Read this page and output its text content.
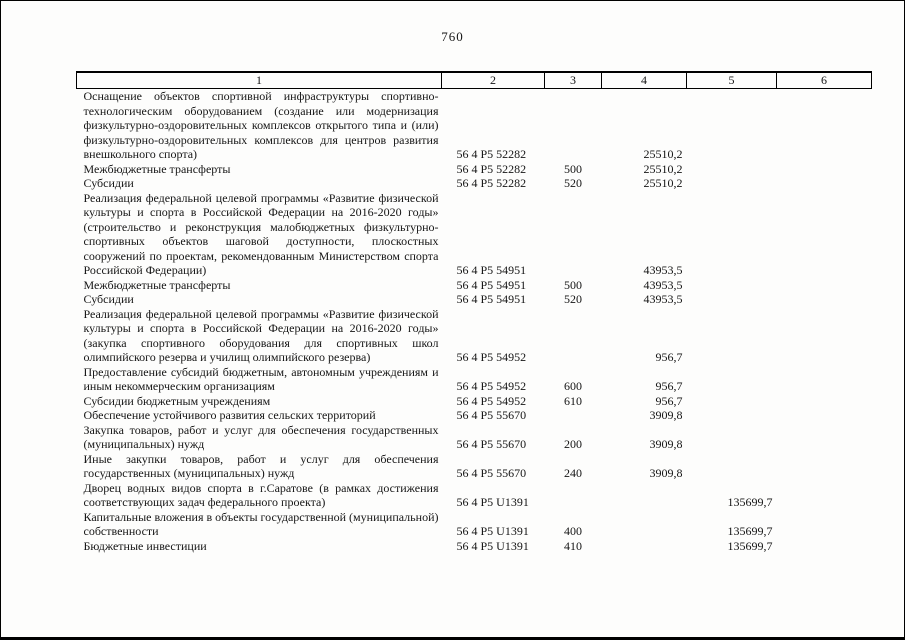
760
1	2	3	4	5	6
Оснащение объектов спортивной инфраструктуры спортивно-технологическим оборудованием (создание или модернизация физкультурно-оздоровительных комплексов открытого типа и (или) физкультурно-оздоровительных комплексов для центров развития внешкольного спорта)	56 4 Р5 52282		25510,2		
Межбюджетные трансферты	56 4 Р5 52282	500	25510,2		
Субсидии	56 4 Р5 52282	520	25510,2		
Реализация федеральной целевой программы «Развитие физической культуры и спорта в Российской Федерации на 2016-2020 годы» (строительство и реконструкция малобюджетных физкультурно-спортивных объектов шаговой доступности, плоскостных сооружений по проектам, рекомендованным Министерством спорта Российской Федерации)	56 4 Р5 54951		43953,5		
Межбюджетные трансферты	56 4 Р5 54951	500	43953,5		
Субсидии	56 4 Р5 54951	520	43953,5		
Реализация федеральной целевой программы «Развитие физической культуры и спорта в Российской Федерации на 2016-2020 годы» (закупка спортивного оборудования для спортивных школ олимпийского резерва и училищ олимпийского резерва)	56 4 Р5 54952		956,7		
Предоставление субсидий бюджетным, автономным учреждениям и иным некоммерческим организациям	56 4 Р5 54952	600	956,7		
Субсидии бюджетным учреждениям	56 4 Р5 54952	610	956,7		
Обеспечение устойчивого развития сельских территорий	56 4 Р5 55670		3909,8		
Закупка товаров, работ и услуг для обеспечения государственных (муниципальных) нужд	56 4 Р5 55670	200	3909,8		
Иные закупки товаров, работ и услуг для обеспечения государственных (муниципальных) нужд	56 4 Р5 55670	240	3909,8		
Дворец водных видов спорта в г.Саратове (в рамках достижения соответствующих задач федерального проекта)	56 4 Р5 U1391			135699,7	
Капитальные вложения в объекты государственной (муниципальной) собственности	56 4 Р5 U1391	400		135699,7	
Бюджетные инвестиции	56 4 Р5 U1391	410		135699,7	
